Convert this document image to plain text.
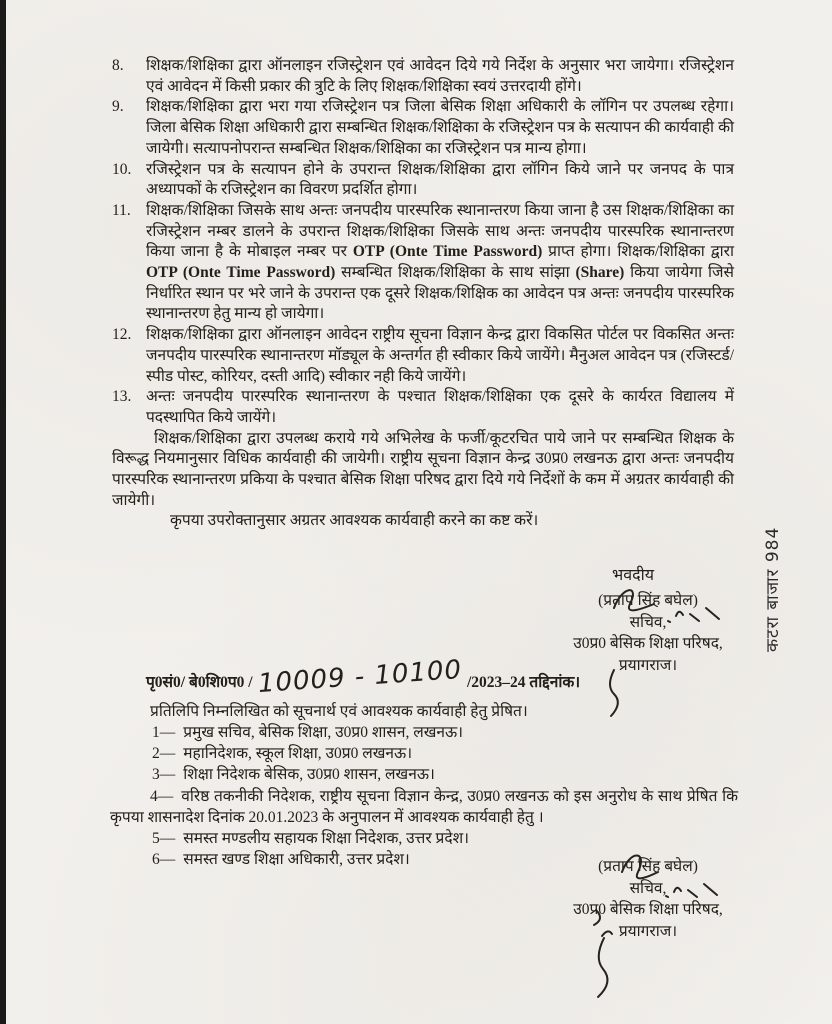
8.	शिक्षक/शिक्षिका द्वारा ऑनलाइन रजिस्ट्रेशन एवं आवेदन दिये गये निर्देश के अनुसार भरा जायेगा। रजिस्ट्रेशन एवं आवेदन में किसी प्रकार की त्रुटि के लिए शिक्षक/शिक्षिका स्वयं उत्तरदायी होंगे।
9.	शिक्षक/शिक्षिका द्वारा भरा गया रजिस्ट्रेशन पत्र जिला बेसिक शिक्षा अधिकारी के लॉगिन पर उपलब्ध रहेगा। जिला बेसिक शिक्षा अधिकारी द्वारा सम्बन्धित शिक्षक/शिक्षिका के रजिस्ट्रेशन पत्र के सत्यापन की कार्यवाही की जायेगी। सत्यापनोपरान्त सम्बन्धित शिक्षक/शिक्षिका का रजिस्ट्रेशन पत्र मान्य होगा।
10. रजिस्ट्रेशन पत्र के सत्यापन होने के उपरान्त शिक्षक/शिक्षिका द्वारा लॉगिन किये जाने पर जनपद के पात्र अध्यापकों के रजिस्ट्रेशन का विवरण प्रदर्शित होगा।
11. शिक्षक/शिक्षिका जिसके साथ अन्तः जनपदीय पारस्परिक स्थानान्तरण किया जाना है उस शिक्षक/शिक्षिका का रजिस्ट्रेशन नम्बर डालने के उपरान्त शिक्षक/शिक्षिका जिसके साथ अन्तः जनपदीय पारस्परिक स्थानान्तरण किया जाना है के मोबाइल नम्बर पर OTP (Onte Time Password) प्राप्त होगा। शिक्षक/शिक्षिका द्वारा OTP (Onte Time Password) सम्बन्धित शिक्षक/शिक्षिका के साथ सांझा (Share) किया जायेगा जिसे निर्धारित स्थान पर भरे जाने के उपरान्त एक दूसरे शिक्षक/शिक्षिक का आवेदन पत्र अन्तः जनपदीय पारस्परिक स्थानान्तरण हेतु मान्य हो जायेगा।
12. शिक्षक/शिक्षिका द्वारा ऑनलाइन आवेदन राष्ट्रीय सूचना विज्ञान केन्द्र द्वारा विकसित पोर्टल पर विकसित अन्तः जनपदीय पारस्परिक स्थानान्तरण मॉड्यूल के अन्तर्गत ही स्वीकार किये जायेंगे। मैनुअल आवेदन पत्र (रजिस्टर्ड/स्पीड पोस्ट, कोरियर, दस्ती आदि) स्वीकार नही किये जायेंगे।
13. अन्तः जनपदीय पारस्परिक स्थानान्तरण के पश्चात शिक्षक/शिक्षिका एक दूसरे के कार्यरत विद्यालय में पदस्थापित किये जायेंगे।

शिक्षक/शिक्षिका द्वारा उपलब्ध कराये गये अभिलेख के फर्जी/कूटरचित पाये जाने पर सम्बन्धित शिक्षक के विरूद्ध नियमानुसार विधिक कार्यवाही की जायेगी। राष्ट्रीय सूचना विज्ञान केन्द्र उ0प्र0 लखनऊ द्वारा अन्तः जनपदीय पारस्परिक स्थानान्तरण प्रकिया के पश्चात बेसिक शिक्षा परिषद द्वारा दिये गये निर्देशों के कम में अग्रतर कार्यवाही की जायेगी।

कृपया उपरोक्तानुसार अग्रतर आवश्यक कार्यवाही करने का कष्ट करें।

भवदीय
(प्रताप सिंह बघेल)
सचिव,
उ0प्र0 बेसिक शिक्षा परिषद,
प्रयागराज।
पृ0सं0/ बे0शि0प0 / 10009 - 10100 /2023–24 तद्दिनांक।
प्रतिलिपि निम्नलिखित को सूचनार्थ एवं आवश्यक कार्यवाही हेतु प्रेषित।
1— प्रमुख सचिव, बेसिक शिक्षा, उ0प्र0 शासन, लखनऊ।
2— महानिदेशक, स्कूल शिक्षा, उ0प्र0 लखनऊ।
3— शिक्षा निदेशक बेसिक, उ0प्र0 शासन, लखनऊ।
4— वरिष्ठ तकनीकी निदेशक, राष्ट्रीय सूचना विज्ञान केन्द्र, उ0प्र0 लखनऊ को इस अनुरोध के साथ प्रेषित कि कृपया शासनादेश दिनांक 20.01.2023 के अनुपालन में आवश्यक कार्यवाही हेतु ।
5— समस्त मण्डलीय सहायक शिक्षा निदेशक, उत्तर प्रदेश।
6— समस्त खण्ड शिक्षा अधिकारी, उत्तर प्रदेश।	(प्रताप सिंह बघेल)
सचिव,
उ0प्र0 बेसिक शिक्षा परिषद,
प्रयागराज।
कटरा बाजार 984
